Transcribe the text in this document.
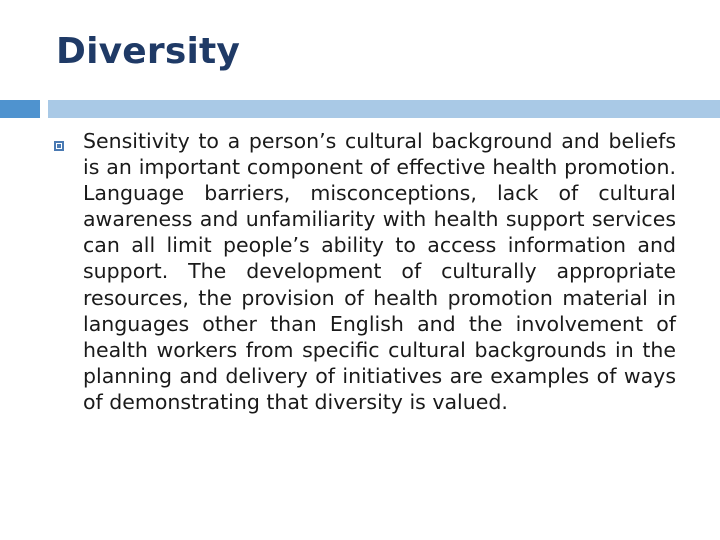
Diversity
Sensitivity to a person’s cultural background and beliefs is an important component of effective health promotion. Language barriers, misconceptions, lack of cultural awareness and unfamiliarity with health support services can all limit people’s ability to access information and support. The development of culturally appropriate resources, the provision of health promotion material in languages other than English and the involvement of health workers from specific cultural backgrounds in the planning and delivery of initiatives are examples of ways of demonstrating that diversity is valued.
